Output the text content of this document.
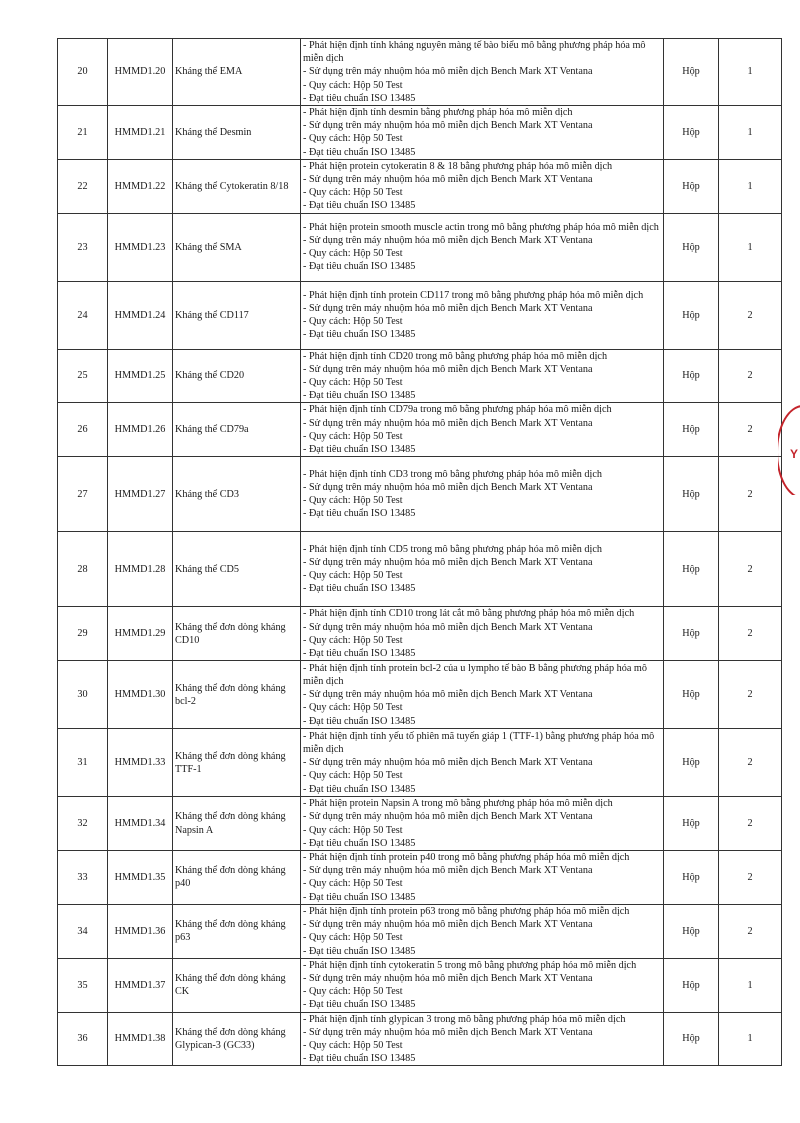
20	HMMD1.20	Kháng thể EMA	- Phát hiện định tính kháng nguyên màng tế bào biểu mô bằng phương pháp hóa mô miễn dịch
- Sử dụng trên máy nhuộm hóa mô miễn dịch Bench Mark XT Ventana
- Quy cách: Hộp 50 Test
- Đạt tiêu chuẩn ISO 13485	Hộp	1
21	HMMD1.21	Kháng thể Desmin	- Phát hiện định tính desmin bằng phương pháp hóa mô miễn dịch
- Sử dụng trên máy nhuộm hóa mô miễn dịch Bench Mark XT Ventana
- Quy cách: Hộp 50 Test
- Đạt tiêu chuẩn ISO 13485	Hộp	1
22	HMMD1.22	Kháng thể Cytokeratin 8/18	- Phát hiện protein cytokeratin 8 & 18 bằng phương pháp hóa mô miễn dịch
- Sử dụng trên máy nhuộm hóa mô miễn dịch Bench Mark XT Ventana
- Quy cách: Hộp 50 Test
- Đạt tiêu chuẩn ISO 13485	Hộp	1
23	HMMD1.23	Kháng thể SMA	- Phát hiện protein smooth muscle actin trong mô bằng phương pháp hóa mô miễn dịch
- Sử dụng trên máy nhuộm hóa mô miễn dịch Bench Mark XT Ventana
- Quy cách: Hộp 50 Test
- Đạt tiêu chuẩn ISO 13485	Hộp	1
24	HMMD1.24	Kháng thể CD117	- Phát hiện định tính protein CD117 trong mô bằng phương pháp hóa mô miễn dịch
- Sử dụng trên máy nhuộm hóa mô miễn dịch Bench Mark XT Ventana
- Quy cách: Hộp 50 Test
- Đạt tiêu chuẩn ISO 13485	Hộp	2
25	HMMD1.25	Kháng thể CD20	- Phát hiện định tính CD20 trong mô bằng phương pháp hóa mô miễn dịch
- Sử dụng trên máy nhuộm hóa mô miễn dịch Bench Mark XT Ventana
- Quy cách: Hộp 50 Test
- Đạt tiêu chuẩn ISO 13485	Hộp	2
26	HMMD1.26	Kháng thể CD79a	- Phát hiện định tính CD79a trong mô bằng phương pháp hóa mô miễn dịch
- Sử dụng trên máy nhuộm hóa mô miễn dịch Bench Mark XT Ventana
- Quy cách: Hộp 50 Test
- Đạt tiêu chuẩn ISO 13485	Hộp	2
27	HMMD1.27	Kháng thể CD3	- Phát hiện định tính CD3 trong mô bằng phương pháp hóa mô miễn dịch
- Sử dụng trên máy nhuộm hóa mô miễn dịch Bench Mark XT Ventana
- Quy cách: Hộp 50 Test
- Đạt tiêu chuẩn ISO 13485	Hộp	2
28	HMMD1.28	Kháng thể CD5	- Phát hiện định tính CD5 trong mô bằng phương pháp hóa mô miễn dịch
- Sử dụng trên máy nhuộm hóa mô miễn dịch Bench Mark XT Ventana
- Quy cách: Hộp 50 Test
- Đạt tiêu chuẩn ISO 13485	Hộp	2
29	HMMD1.29	Kháng thể đơn dòng kháng CD10	- Phát hiện định tính CD10 trong lát cắt mô bằng phương pháp hóa mô miễn dịch
- Sử dụng trên máy nhuộm hóa mô miễn dịch Bench Mark XT Ventana
- Quy cách: Hộp 50 Test
- Đạt tiêu chuẩn ISO 13485	Hộp	2
30	HMMD1.30	Kháng thể đơn dòng kháng bcl-2	- Phát hiện định tính protein bcl-2 của u lympho tế bào B bằng phương pháp hóa mô miễn dịch
- Sử dụng trên máy nhuộm hóa mô miễn dịch Bench Mark XT Ventana
- Quy cách: Hộp 50 Test
- Đạt tiêu chuẩn ISO 13485	Hộp	2
31	HMMD1.33	Kháng thể đơn dòng kháng TTF-1	- Phát hiện định tính yếu tố phiên mã tuyến giáp 1 (TTF-1) bằng phương pháp hóa mô miễn dịch
- Sử dụng trên máy nhuộm hóa mô miễn dịch Bench Mark XT Ventana
- Quy cách: Hộp 50 Test
- Đạt tiêu chuẩn ISO 13485	Hộp	2
32	HMMD1.34	Kháng thể đơn dòng kháng Napsin A	- Phát hiện protein Napsin A trong mô bằng phương pháp hóa mô miễn dịch
- Sử dụng trên máy nhuộm hóa mô miễn dịch Bench Mark XT Ventana
- Quy cách: Hộp 50 Test
- Đạt tiêu chuẩn ISO 13485	Hộp	2
33	HMMD1.35	Kháng thể đơn dòng kháng p40	- Phát hiện định tính protein p40 trong mô bằng phương pháp hóa mô miễn dịch
- Sử dụng trên máy nhuộm hóa mô miễn dịch Bench Mark XT Ventana
- Quy cách: Hộp 50 Test
- Đạt tiêu chuẩn ISO 13485	Hộp	2
34	HMMD1.36	Kháng thể đơn dòng kháng p63	- Phát hiện định tính protein p63 trong mô bằng phương pháp hóa mô miễn dịch
- Sử dụng trên máy nhuộm hóa mô miễn dịch Bench Mark XT Ventana
- Quy cách: Hộp 50 Test
- Đạt tiêu chuẩn ISO 13485	Hộp	2
35	HMMD1.37	Kháng thể đơn dòng kháng CK	- Phát hiện định tính cytokeratin 5 trong mô bằng phương pháp hóa mô miễn dịch
- Sử dụng trên máy nhuộm hóa mô miễn dịch Bench Mark XT Ventana
- Quy cách: Hộp 50 Test
- Đạt tiêu chuẩn ISO 13485	Hộp	1
36	HMMD1.38	Kháng thể đơn dòng kháng Glypican-3 (GC33)	- Phát hiện định tính glypican 3 trong mô bằng phương pháp hóa mô miễn dịch
- Sử dụng trên máy nhuộm hóa mô miễn dịch Bench Mark XT Ventana
- Quy cách: Hộp 50 Test
- Đạt tiêu chuẩn ISO 13485	Hộp	1
Y
